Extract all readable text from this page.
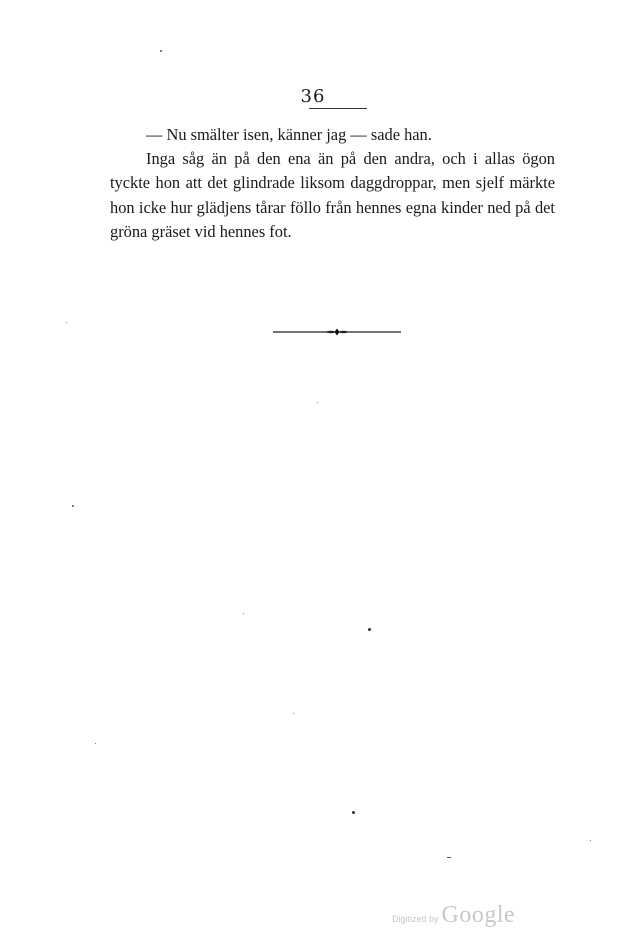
36

— Nu smälter isen, känner jag — sade han.

Inga såg än på den ena än på den andra, och i allas ögon tyckte hon att det glindrade liksom daggdroppar, men sjelf märkte hon icke hur glädjens tårar föllo från hennes egna kinder ned på det gröna gräset vid hennes fot.

Digitized by Google
